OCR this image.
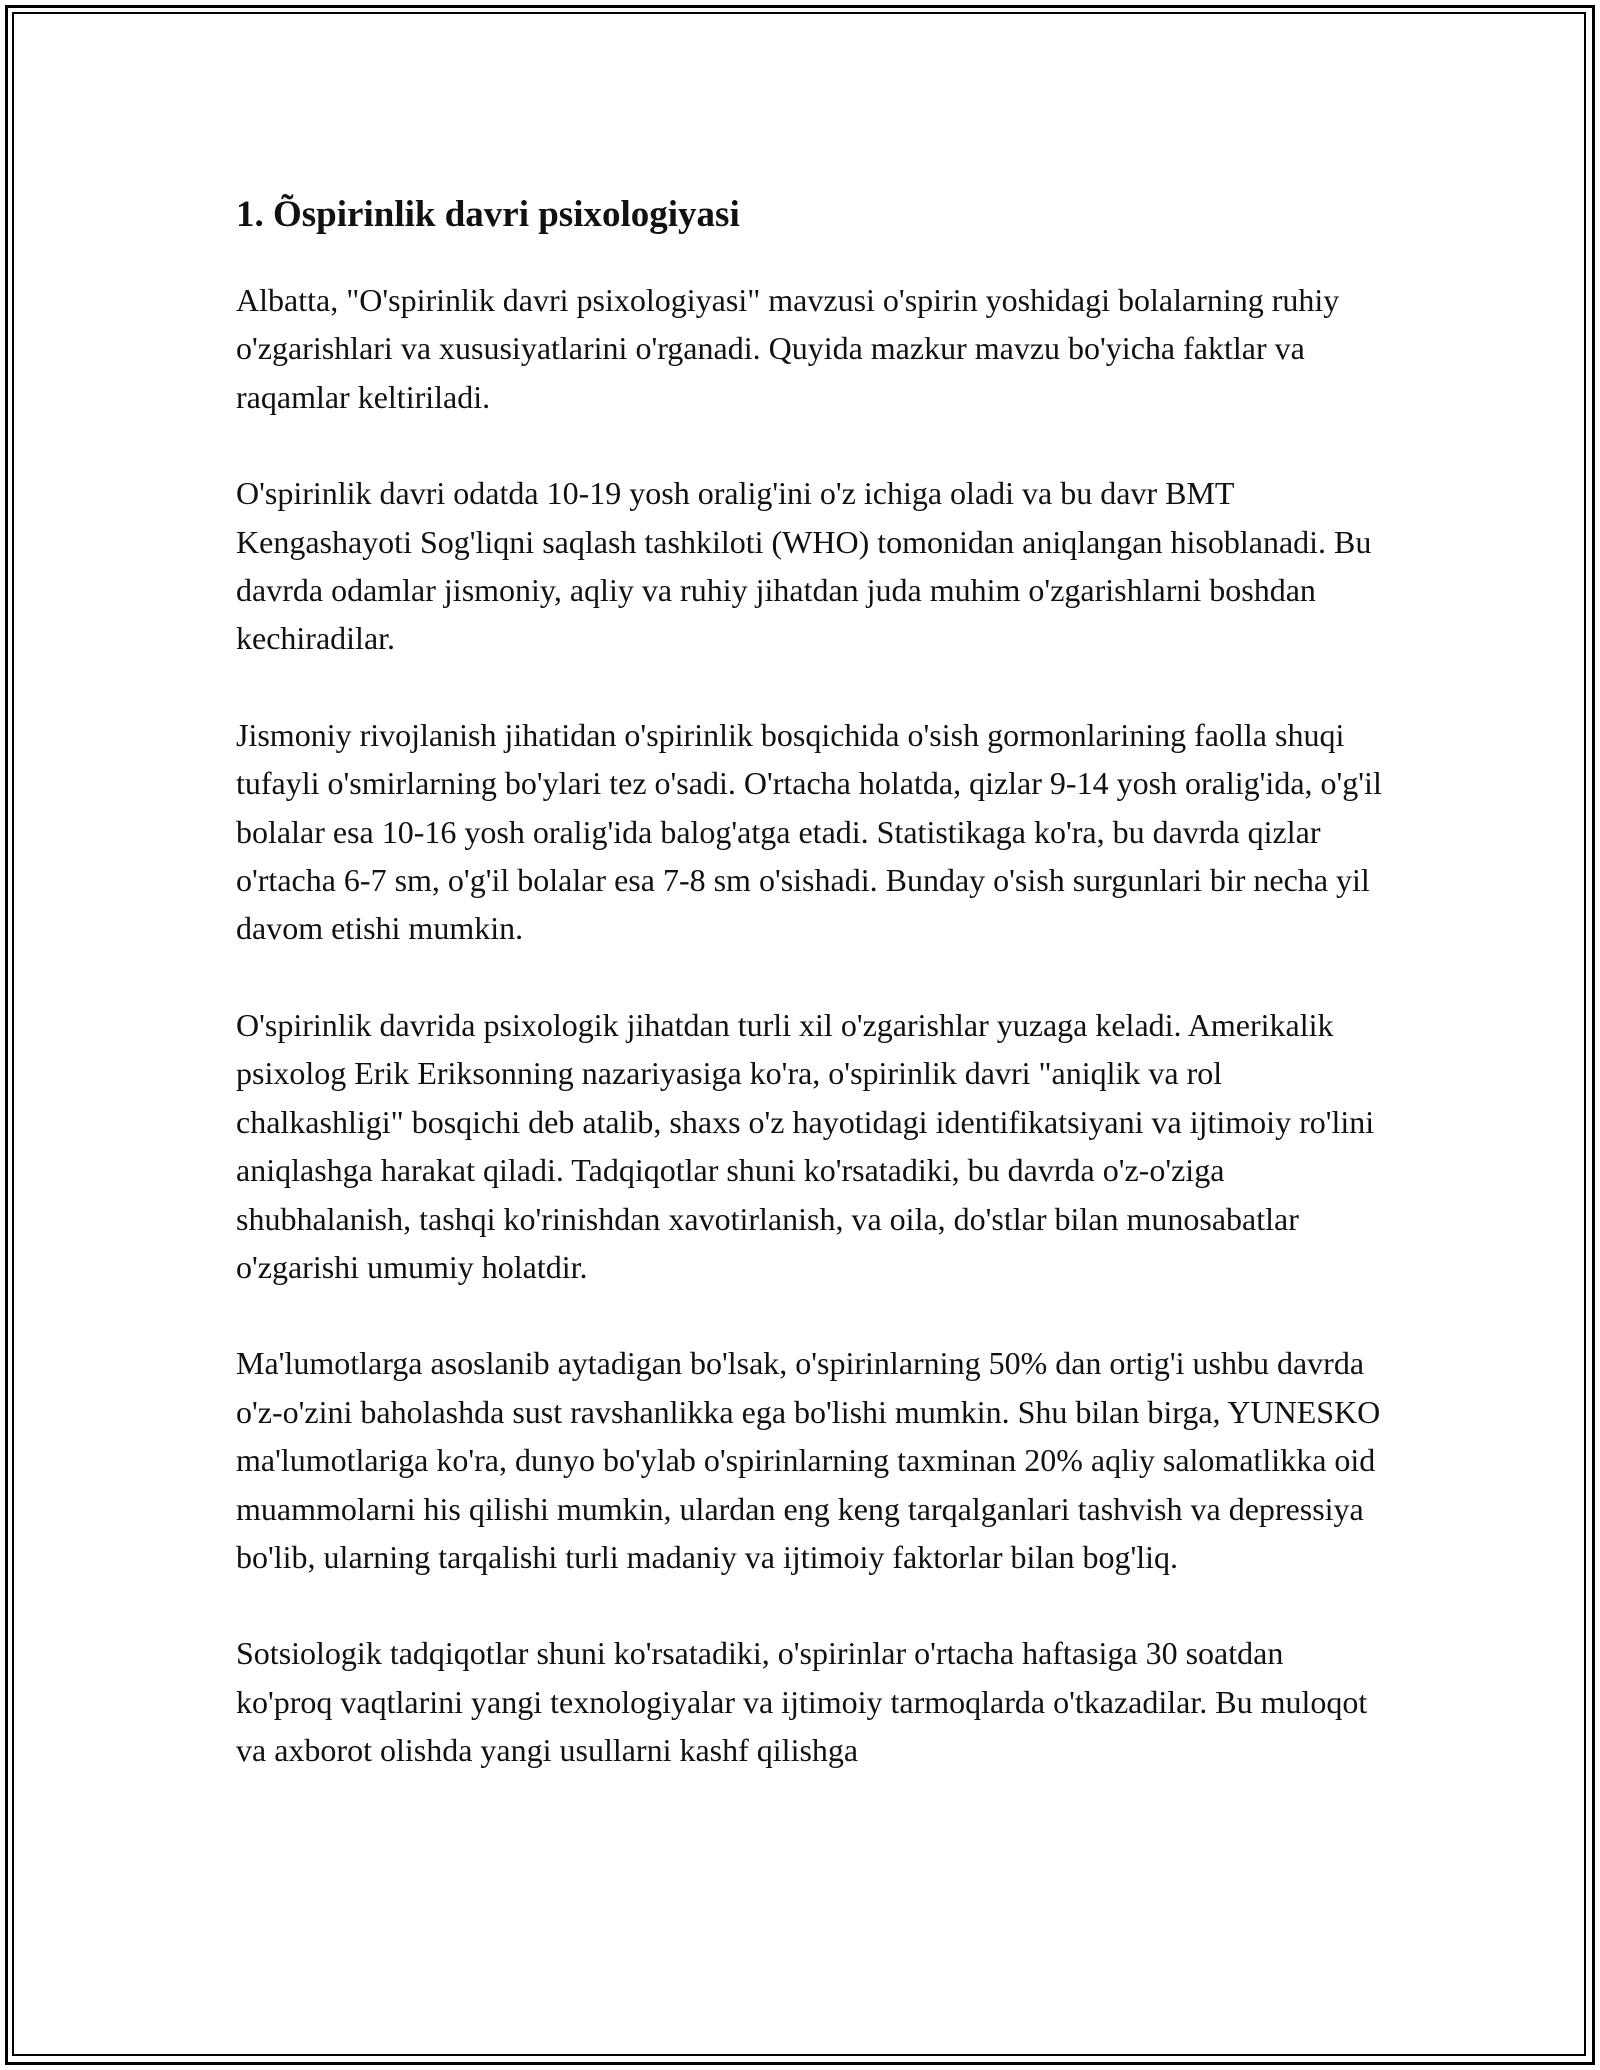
1. Õspirinlik davri psixologiyasi

Albatta, "O'spirinlik davri psixologiyasi" mavzusi o'spirin yoshidagi bolalarning ruhiy o'zgarishlari va xususiyatlarini o'rganadi. Quyida mazkur mavzu bo'yicha faktlar va raqamlar keltiriladi.

O'spirinlik davri odatda 10-19 yosh oralig'ini o'z ichiga oladi va bu davr BMT Kengashayoti Sog'liqni saqlash tashkiloti (WHO) tomonidan aniqlangan hisoblanadi. Bu davrda odamlar jismoniy, aqliy va ruhiy jihatdan juda muhim o'zgarishlarni boshdan kechiradilar.

Jismoniy rivojlanish jihatidan o'spirinlik bosqichida o'sish gormonlarining faolla shuqi tufayli o'smirlarning bo'ylari tez o'sadi. O'rtacha holatda, qizlar 9-14 yosh oralig'ida, o'g'il bolalar esa 10-16 yosh oralig'ida balog'atga etadi. Statistikaga ko'ra, bu davrda qizlar o'rtacha 6-7 sm, o'g'il bolalar esa 7-8 sm o'sishadi. Bunday o'sish surgunlari bir necha yil davom etishi mumkin.

O'spirinlik davrida psixologik jihatdan turli xil o'zgarishlar yuzaga keladi. Amerikalik psixolog Erik Eriksonning nazariyasiga ko'ra, o'spirinlik davri "aniqlik va rol chalkashligi" bosqichi deb atalib, shaxs o'z hayotidagi identifikatsiyani va ijtimoiy ro'lini aniqlashga harakat qiladi. Tadqiqotlar shuni ko'rsatadiki, bu davrda o'z-o'ziga shubhalanish, tashqi ko'rinishdan xavotirlanish, va oila, do'stlar bilan munosabatlar o'zgarishi umumiy holatdir.

Ma'lumotlarga asoslanib aytadigan bo'lsak, o'spirinlarning 50% dan ortig'i ushbu davrda o'z-o'zini baholashda sust ravshanlikka ega bo'lishi mumkin. Shu bilan birga, YUNESKO ma'lumotlariga ko'ra, dunyo bo'ylab o'spirinlarning taxminan 20% aqliy salomatlikka oid muammolarni his qilishi mumkin, ulardan eng keng tarqalganlari tashvish va depressiya bo'lib, ularning tarqalishi turli madaniy va ijtimoiy faktorlar bilan bog'liq.

Sotsiologik tadqiqotlar shuni ko'rsatadiki, o'spirinlar o'rtacha haftasiga 30 soatdan ko'proq vaqtlarini yangi texnologiyalar va ijtimoiy tarmoqlarda o'tkazadilar. Bu muloqot va axborot olishda yangi usullarni kashf qilishga
